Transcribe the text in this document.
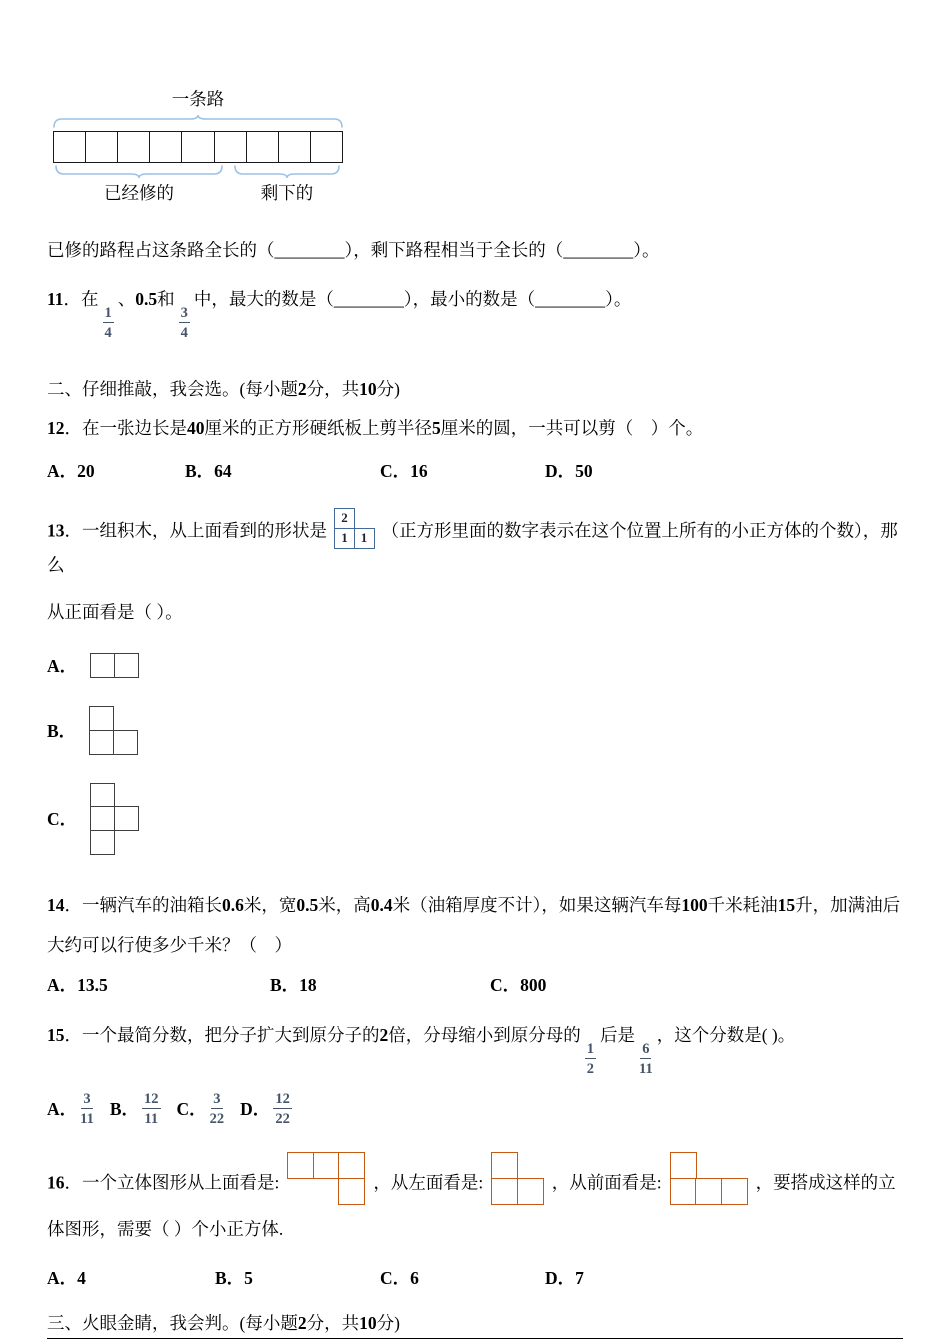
一条路
已经修的	剩下的

已修的路程占这条路全长的（________），剩下路程相当于全长的（________）。

11．在
$\frac{1}{4}$
、0.5和
$\frac{3}{4}$
中，最大的数是（________），最小的数是（________）。

二、仔细推敲，我会选。(每小题2分，共10分)

12．在一张边长是40厘米的正方形硬纸板上剪半径5厘米的圆，一共可以剪（　）个。

A．20	B．64	C．16	D．50

13．一组积木，从上面看到的形状是
2
1	1 （正方形里面的数字表示在这个位置上所有的小正方体的个数），那么

从正面看是（ ）。

A．
B．
C．

14．一辆汽车的油箱长0.6米，宽0.5米，高0.4米（油箱厚度不计），如果这辆汽车每100千米耗油15升，加满油后大约可以行使多少千米？（　）

A．13.5	B．18	C．800

15．一个最简分数，把分子扩大到原分子的2倍，分母缩小到原分母的
$\frac{1}{2}$
后是
$\frac{6}{11}$
，这个分数是( )。

A． $\frac{3}{11}$ B． $\frac{12}{11}$ C． $\frac{3}{22}$ D． $\frac{12}{22}$

16．一个立体图形从上面看是:	，从左面看是:	，从前面看是:	，要搭成这样的立

体图形，需要（ ）个小正方体.

A．4	B．5	C．6	D．7

三、火眼金睛，我会判。(每小题2分，共10分)
